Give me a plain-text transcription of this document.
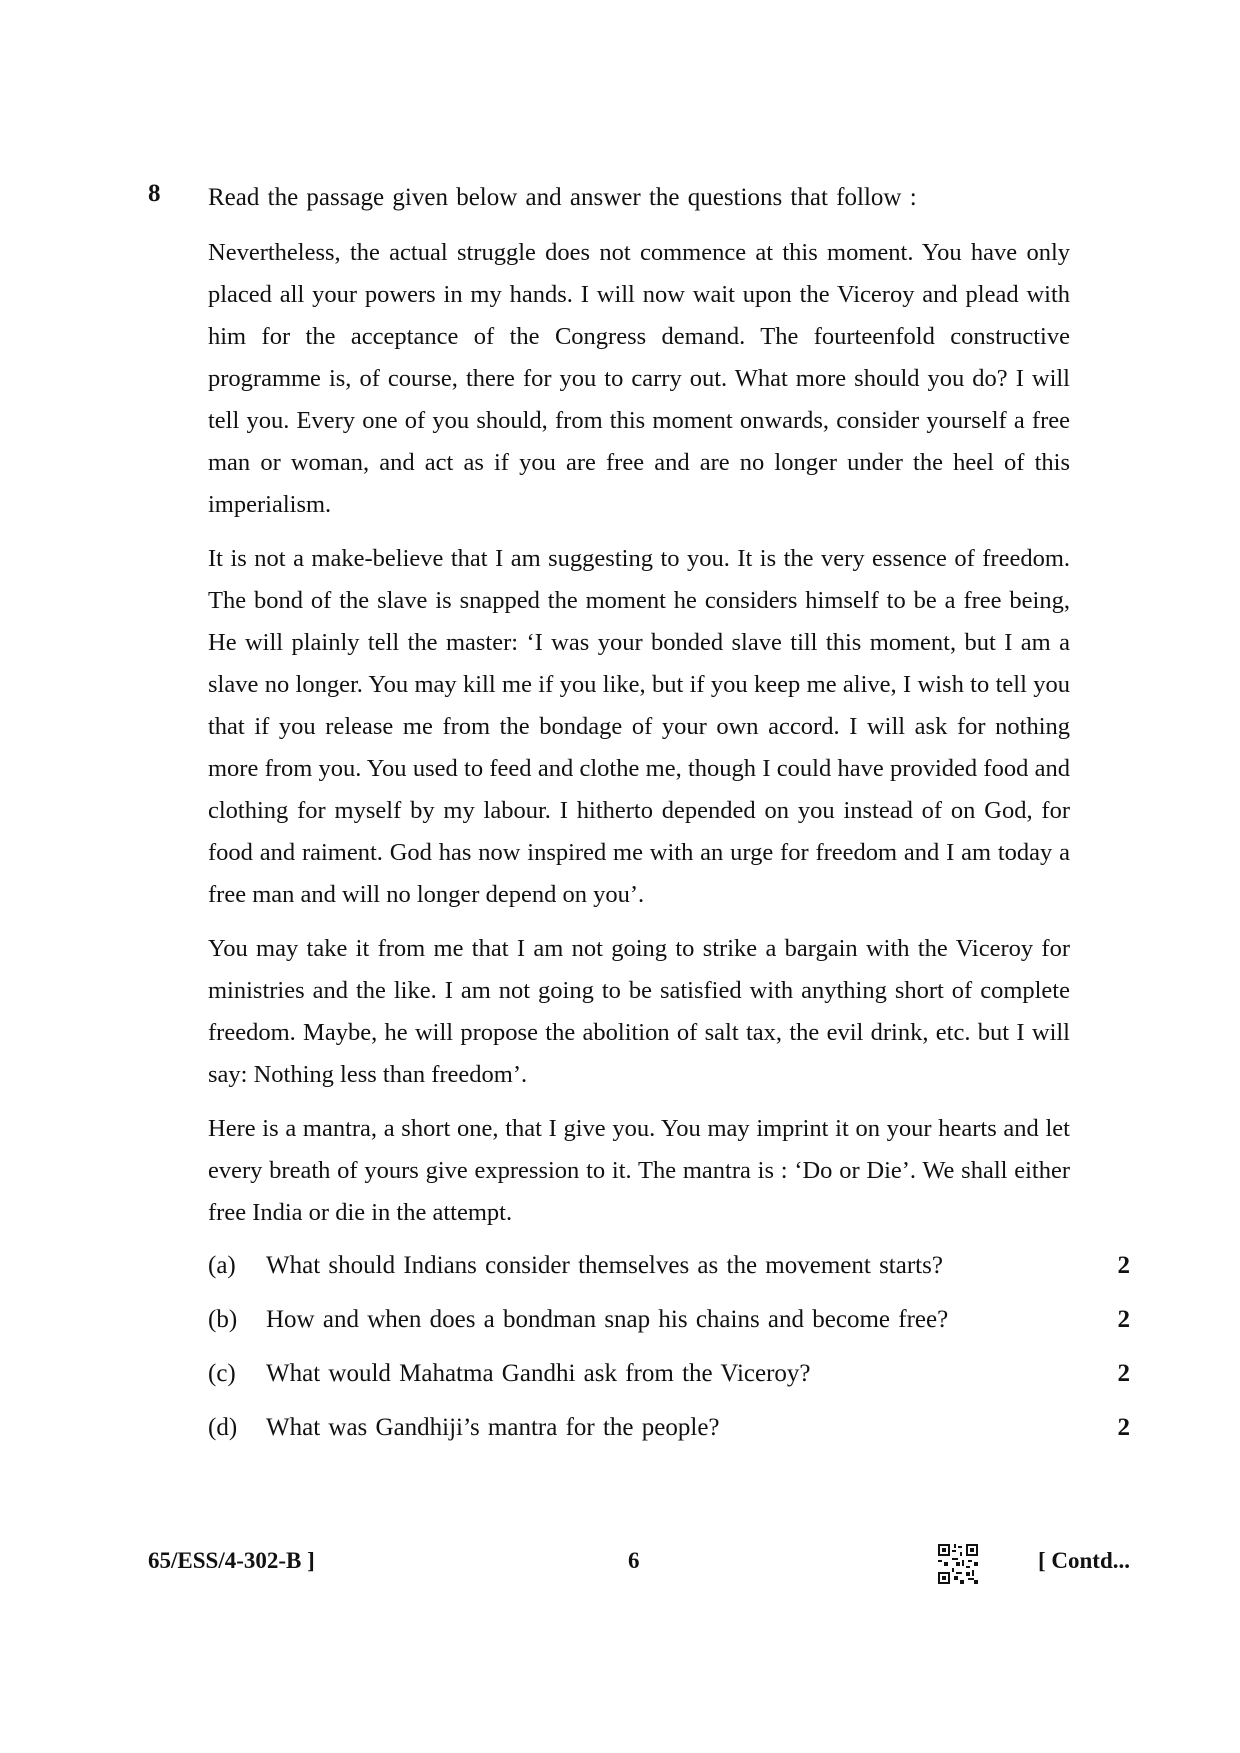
8 Read the passage given below and answer the questions that follow :

Nevertheless, the actual struggle does not commence at this moment. You have only placed all your powers in my hands. I will now wait upon the Viceroy and plead with him for the acceptance of the Congress demand. The fourteenfold constructive programme is, of course, there for you to carry out. What more should you do? I will tell you. Every one of you should, from this moment onwards, consider yourself a free man or woman, and act as if you are free and are no longer under the heel of this imperialism.

It is not a make-believe that I am suggesting to you. It is the very essence of freedom. The bond of the slave is snapped the moment he considers himself to be a free being, He will plainly tell the master: ‘I was your bonded slave till this moment, but I am a slave no longer. You may kill me if you like, but if you keep me alive, I wish to tell you that if you release me from the bondage of your own accord. I will ask for nothing more from you. You used to feed and clothe me, though I could have provided food and clothing for myself by my labour. I hitherto depended on you instead of on God, for food and raiment. God has now inspired me with an urge for freedom and I am today a free man and will no longer depend on you’.

You may take it from me that I am not going to strike a bargain with the Viceroy for ministries and the like. I am not going to be satisfied with anything short of complete freedom. Maybe, he will propose the abolition of salt tax, the evil drink, etc. but I will say: Nothing less than freedom’.

Here is a mantra, a short one, that I give you. You may imprint it on your hearts and let every breath of yours give expression to it. The mantra is : ‘Do or Die’. We shall either free India or die in the attempt.

(a)	What should Indians consider themselves as the movement starts?	2
(b)	How and when does a bondman snap his chains and become free?	2
(c)	What would Mahatma Gandhi ask from the Viceroy?	2
(d)	What was Gandhiji’s mantra for the people?	2
65/ESS/4-302-B ]	6	[ Contd...
